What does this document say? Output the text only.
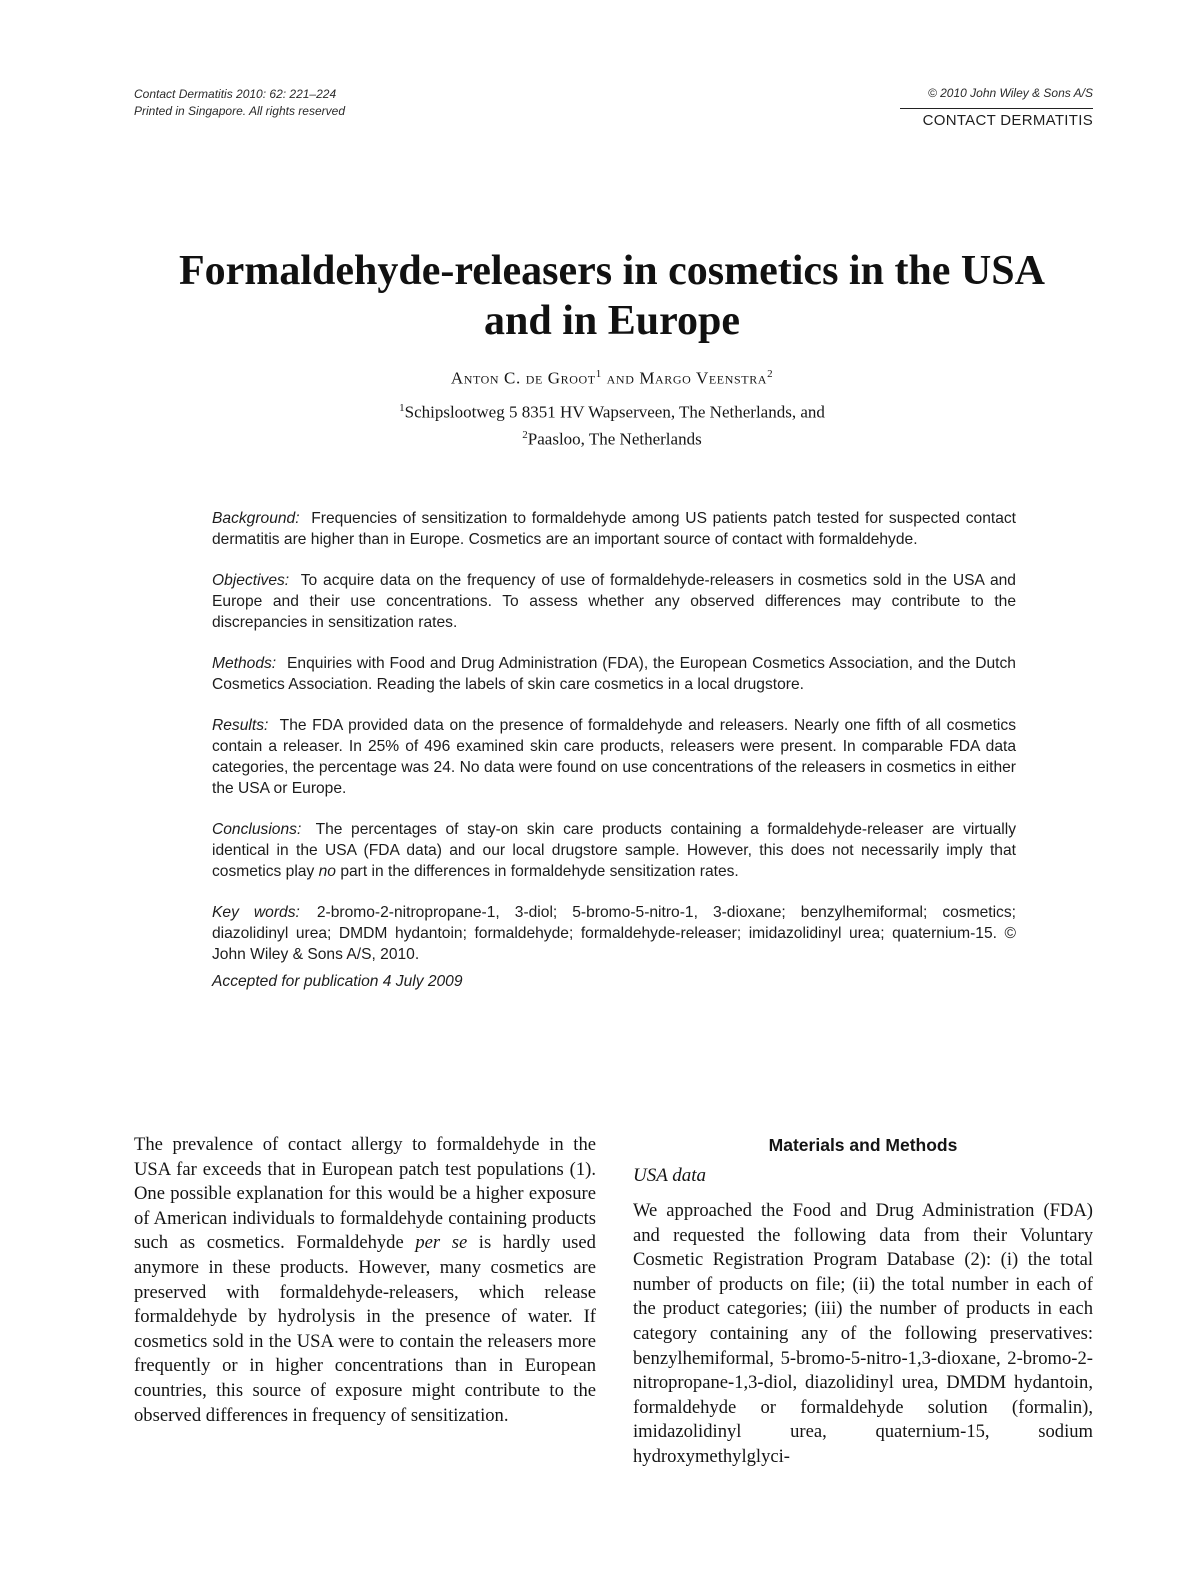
Contact Dermatitis 2010: 62: 221–224
Printed in Singapore. All rights reserved
© 2010 John Wiley & Sons A/S
CONTACT DERMATITIS
Formaldehyde-releasers in cosmetics in the USA
and in Europe
Anton C. de Groot$^1$ and Margo Veenstra$^2$
$^1$Schipslootweg 5 8351 HV Wapserveen, The Netherlands, and
$^2$Paasloo, The Netherlands

Background: Frequencies of sensitization to formaldehyde among US patients patch tested for suspected contact dermatitis are higher than in Europe. Cosmetics are an important source of contact with formaldehyde.

Objectives: To acquire data on the frequency of use of formaldehyde-releasers in cosmetics sold in the USA and Europe and their use concentrations. To assess whether any observed differences may contribute to the discrepancies in sensitization rates.

Methods: Enquiries with Food and Drug Administration (FDA), the European Cosmetics Association, and the Dutch Cosmetics Association. Reading the labels of skin care cosmetics in a local drugstore.

Results: The FDA provided data on the presence of formaldehyde and releasers. Nearly one fifth of all cosmetics contain a releaser. In 25% of 496 examined skin care products, releasers were present. In comparable FDA data categories, the percentage was 24. No data were found on use concentrations of the releasers in cosmetics in either the USA or Europe.

Conclusions: The percentages of stay-on skin care products containing a formaldehyde-releaser are virtually identical in the USA (FDA data) and our local drugstore sample. However, this does not necessarily imply that cosmetics play no part in the differences in formaldehyde sensitization rates.

Key words: 2-bromo-2-nitropropane-1, 3-diol; 5-bromo-5-nitro-1, 3-dioxane; benzylhemiformal; cosmetics; diazolidinyl urea; DMDM hydantoin; formaldehyde; formaldehyde-releaser; imidazolidinyl urea; quaternium-15. © John Wiley & Sons A/S, 2010.

Accepted for publication 4 July 2009

The prevalence of contact allergy to formaldehyde in the USA far exceeds that in European patch test populations (1). One possible explanation for this would be a higher exposure of American individuals to formaldehyde containing products such as cosmetics. Formaldehyde per se is hardly used anymore in these products. However, many cosmetics are preserved with formaldehyde-releasers, which release formaldehyde by hydrolysis in the presence of water. If cosmetics sold in the USA were to contain the releasers more frequently or in higher concentrations than in European countries, this source of exposure might contribute to the observed differences in frequency of sensitization.

Materials and Methods
USA data

We approached the Food and Drug Administration (FDA) and requested the following data from their Voluntary Cosmetic Registration Program Database (2): (i) the total number of products on file; (ii) the total number in each of the product categories; (iii) the number of products in each category containing any of the following preservatives: benzylhemiformal, 5-bromo-5-nitro-1,3-dioxane, 2-bromo-2-nitropropane-1,3-diol, diazolidinyl urea, DMDM hydantoin, formaldehyde or formaldehyde solution (formalin), imidazolidinyl urea, quaternium-15, sodium hydroxymethylglyci-
